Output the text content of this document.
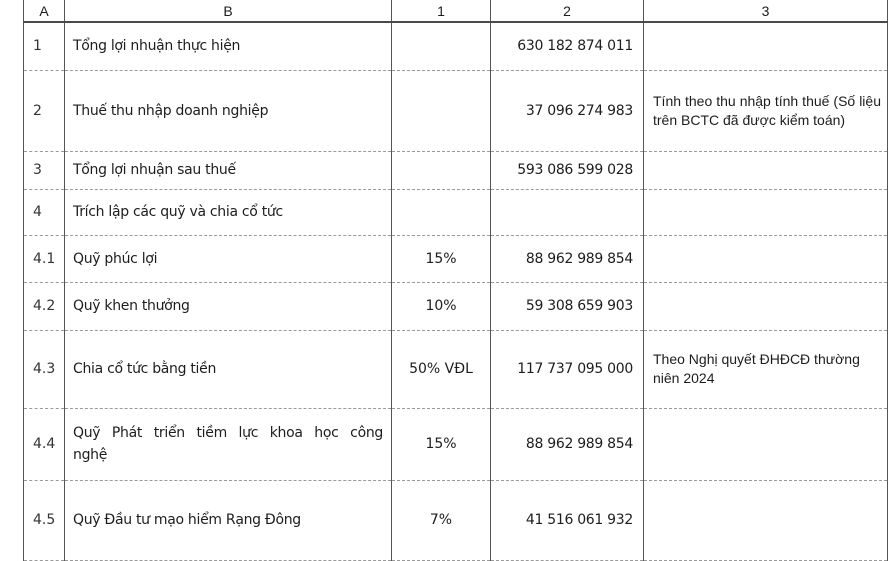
A	B	1	2	3
1	Tổng lợi nhuận thực hiện		630 182 874 011	
2	Thuế thu nhập doanh nghiệp		37 096 274 983	Tính theo thu nhập tính thuế (Số liệu trên BCTC đã được kiểm toán)
3	Tổng lợi nhuận sau thuế		593 086 599 028	
4	Trích lập các quỹ và chia cổ tức			
4.1	Quỹ phúc lợi	15%	88 962 989 854	
4.2	Quỹ khen thưởng	10%	59 308 659 903	
4.3	Chia cổ tức bằng tiền	50% VĐL	117 737 095 000	Theo Nghị quyết ĐHĐCĐ thường niên 2024
4.4	Quỹ Phát triển tiềm lực khoa học công nghệ	15%	88 962 989 854	
4.5	Quỹ Đầu tư mạo hiểm Rạng Đông	7%	41 516 061 932	
